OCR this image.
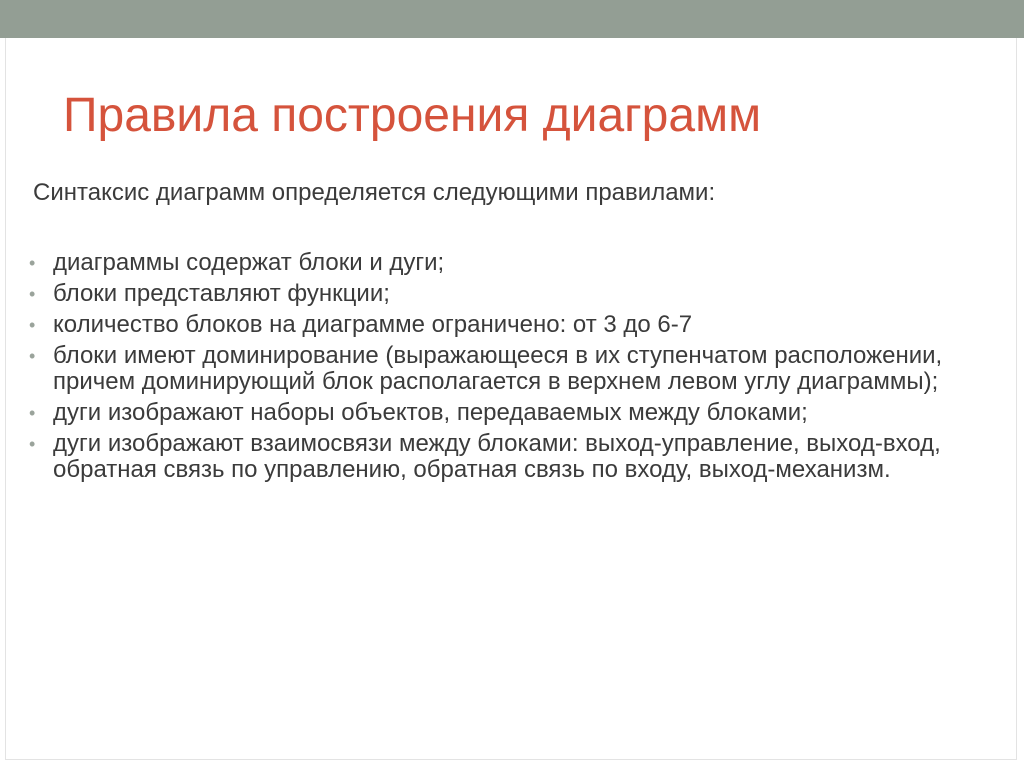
Правила построения диаграмм

Синтаксис диаграмм определяется следующими правилами:

• диаграммы содержат блоки и дуги;
• блоки представляют функции;
• количество блоков на диаграмме ограничено: от 3 до 6-7
• блоки имеют доминирование (выражающееся в их ступенчатом расположении, причем доминирующий блок располагается в верхнем левом углу диаграммы);
• дуги изображают наборы объектов, передаваемых между блоками;
• дуги изображают взаимосвязи между блоками: выход-управление, выход-вход, обратная связь по управлению, обратная связь по входу, выход-механизм.
